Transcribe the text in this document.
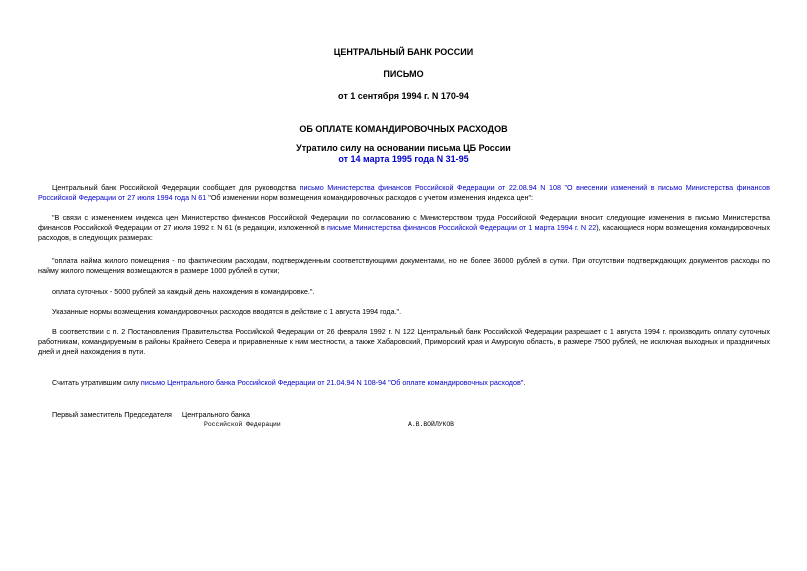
ЦЕНТРАЛЬНЫЙ БАНК РОССИИ
ПИСЬМО
от 1 сентября 1994 г. N 170-94
ОБ ОПЛАТЕ КОМАНДИРОВОЧНЫХ РАСХОДОВ
Утратило силу на основании письма ЦБ России
от 14 марта 1995 года N 31-95

Центральный банк Российской Федерации сообщает для руководства письмо Министерства финансов Российской Федерации от 22.08.94 N 108 "О внесении изменений в письмо Министерства финансов Российской Федерации от 27 июля 1994 года N 61 "Об изменении норм возмещения командировочных расходов с учетом изменения индекса цен":

"В связи с изменением индекса цен Министерство финансов Российской Федерации по согласованию с Министерством труда Российской Федерации вносит следующие изменения в письмо Министерства финансов Российской Федерации от 27 июля 1992 г. N 61 (в редакции, изложенной в письме Министерства финансов Российской Федерации от 1 марта 1994 г. N 22), касающиеся норм возмещения командировочных расходов, в следующих размерах:

"оплата найма жилого помещения - по фактическим расходам, подтвержденным соответствующими документами, но не более 36000 рублей в сутки. При отсутствии подтверждающих документов расходы по найму жилого помещения возмещаются в размере 1000 рублей в сутки;

оплата суточных - 5000 рублей за каждый день нахождения в командировке.".

Указанные нормы возмещения командировочных расходов вводятся в действие с 1 августа 1994 года.".

В соответствии с п. 2 Постановления Правительства Российской Федерации от 26 февраля 1992 г. N 122 Центральный банк Российской Федерации разрешает с 1 августа 1994 г. производить оплату суточных работникам, командируемым в районы Крайнего Севера и приравненные к ним местности, а также Хабаровский, Приморский края и Амурскую область, в размере 7500 рублей, не исключая выходных и праздничных дней и дней нахождения в пути.

Считать утратившим силу письмо Центрального банка Российской Федерации от 21.04.94 N 108-94 "Об оплате командировочных расходов".

Первый заместитель Председателя     Центрального банка
Российской Федерации	А.В.ВОЙЛУКОВ
